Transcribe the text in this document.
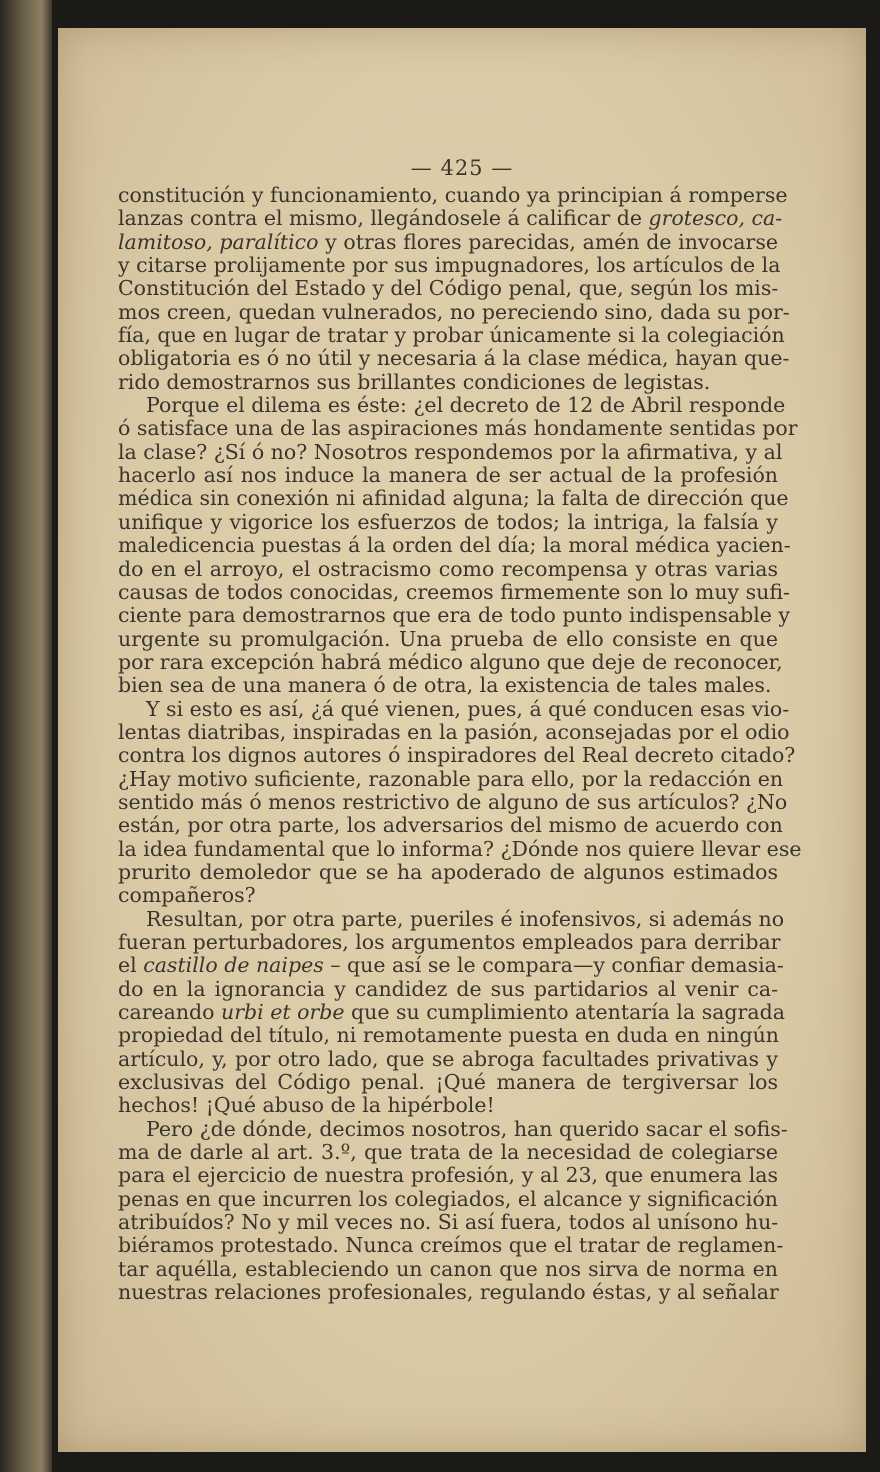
— 425 —
constitución y funcionamiento, cuando ya principian á romperse
lanzas contra el mismo, llegándosele á calificar de grotesco, ca-
lamitoso, paralítico y otras flores parecidas, amén de invocarse
y citarse prolijamente por sus impugnadores, los artículos de la
Constitución del Estado y del Código penal, que, según los mis-
mos creen, quedan vulnerados, no pereciendo sino, dada su por-
fía, que en lugar de tratar y probar únicamente si la colegiación
obligatoria es ó no útil y necesaria á la clase médica, hayan que-
rido demostrarnos sus brillantes condiciones de legistas.
Porque el dilema es éste: ¿el decreto de 12 de Abril responde
ó satisface una de las aspiraciones más hondamente sentidas por
la clase? ¿Sí ó no? Nosotros respondemos por la afirmativa, y al
hacerlo así nos induce la manera de ser actual de la profesión
médica sin conexión ni afinidad alguna; la falta de dirección que
unifique y vigorice los esfuerzos de todos; la intriga, la falsía y
maledicencia puestas á la orden del día; la moral médica yacien-
do en el arroyo, el ostracismo como recompensa y otras varias
causas de todos conocidas, creemos firmemente son lo muy sufi-
ciente para demostrarnos que era de todo punto indispensable y
urgente su promulgación. Una prueba de ello consiste en que
por rara excepción habrá médico alguno que deje de reconocer,
bien sea de una manera ó de otra, la existencia de tales males.
Y si esto es así, ¿á qué vienen, pues, á qué conducen esas vio-
lentas diatribas, inspiradas en la pasión, aconsejadas por el odio
contra los dignos autores ó inspiradores del Real decreto citado?
¿Hay motivo suficiente, razonable para ello, por la redacción en
sentido más ó menos restrictivo de alguno de sus artículos? ¿No
están, por otra parte, los adversarios del mismo de acuerdo con
la idea fundamental que lo informa? ¿Dónde nos quiere llevar ese
prurito demoledor que se ha apoderado de algunos estimados
compañeros?
Resultan, por otra parte, pueriles é inofensivos, si además no
fueran perturbadores, los argumentos empleados para derribar
el castillo de naipes – que así se le compara—y confiar demasia-
do en la ignorancia y candidez de sus partidarios al venir ca-
careando urbi et orbe que su cumplimiento atentaría la sagrada
propiedad del título, ni remotamente puesta en duda en ningún
artículo, y, por otro lado, que se abroga facultades privativas y
exclusivas del Código penal. ¡Qué manera de tergiversar los
hechos! ¡Qué abuso de la hipérbole!
Pero ¿de dónde, decimos nosotros, han querido sacar el sofis-
ma de darle al art. 3.º, que trata de la necesidad de colegiarse
para el ejercicio de nuestra profesión, y al 23, que enumera las
penas en que incurren los colegiados, el alcance y significación
atribuídos? No y mil veces no. Si así fuera, todos al unísono hu-
biéramos protestado. Nunca creímos que el tratar de reglamen-
tar aquélla, estableciendo un canon que nos sirva de norma en
nuestras relaciones profesionales, regulando éstas, y al señalar
